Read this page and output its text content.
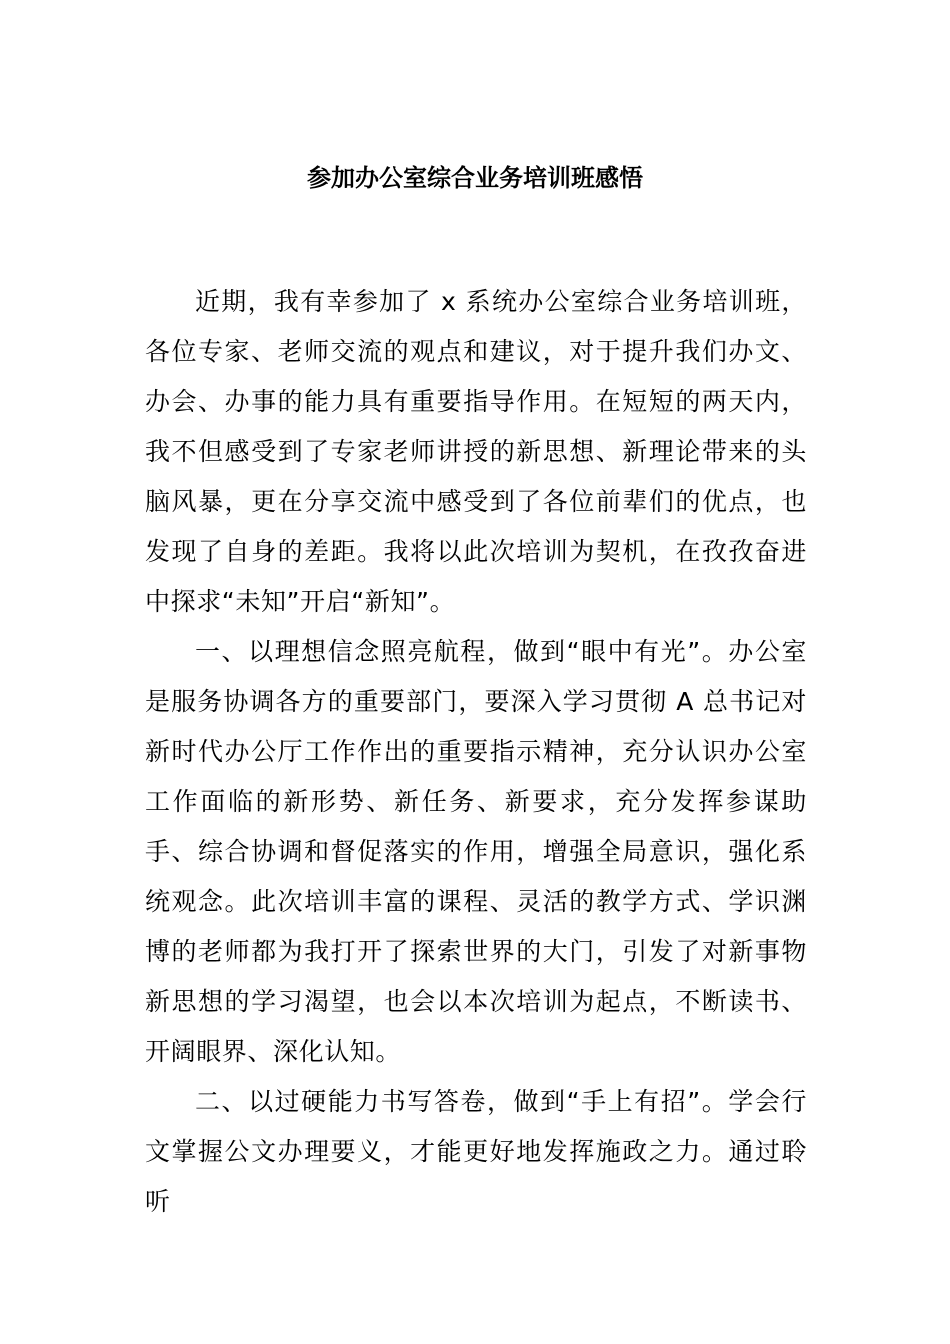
参加办公室综合业务培训班感悟

近期，我有幸参加了 x 系统办公室综合业务培训班，各位专家、老师交流的观点和建议，对于提升我们办文、办会、办事的能力具有重要指导作用。在短短的两天内，我不但感受到了专家老师讲授的新思想、新理论带来的头脑风暴，更在分享交流中感受到了各位前辈们的优点，也发现了自身的差距。我将以此次培训为契机，在孜孜奋进中探求“未知”开启“新知”。

一、以理想信念照亮航程，做到“眼中有光”。办公室是服务协调各方的重要部门，要深入学习贯彻 A 总书记对新时代办公厅工作作出的重要指示精神，充分认识办公室工作面临的新形势、新任务、新要求，充分发挥参谋助手、综合协调和督促落实的作用，增强全局意识，强化系统观念。此次培训丰富的课程、灵活的教学方式、学识渊博的老师都为我打开了探索世界的大门，引发了对新事物新思想的学习渴望，也会以本次培训为起点，不断读书、开阔眼界、深化认知。

二、以过硬能力书写答卷，做到“手上有招”。学会行文掌握公文办理要义，才能更好地发挥施政之力。通过聆听
